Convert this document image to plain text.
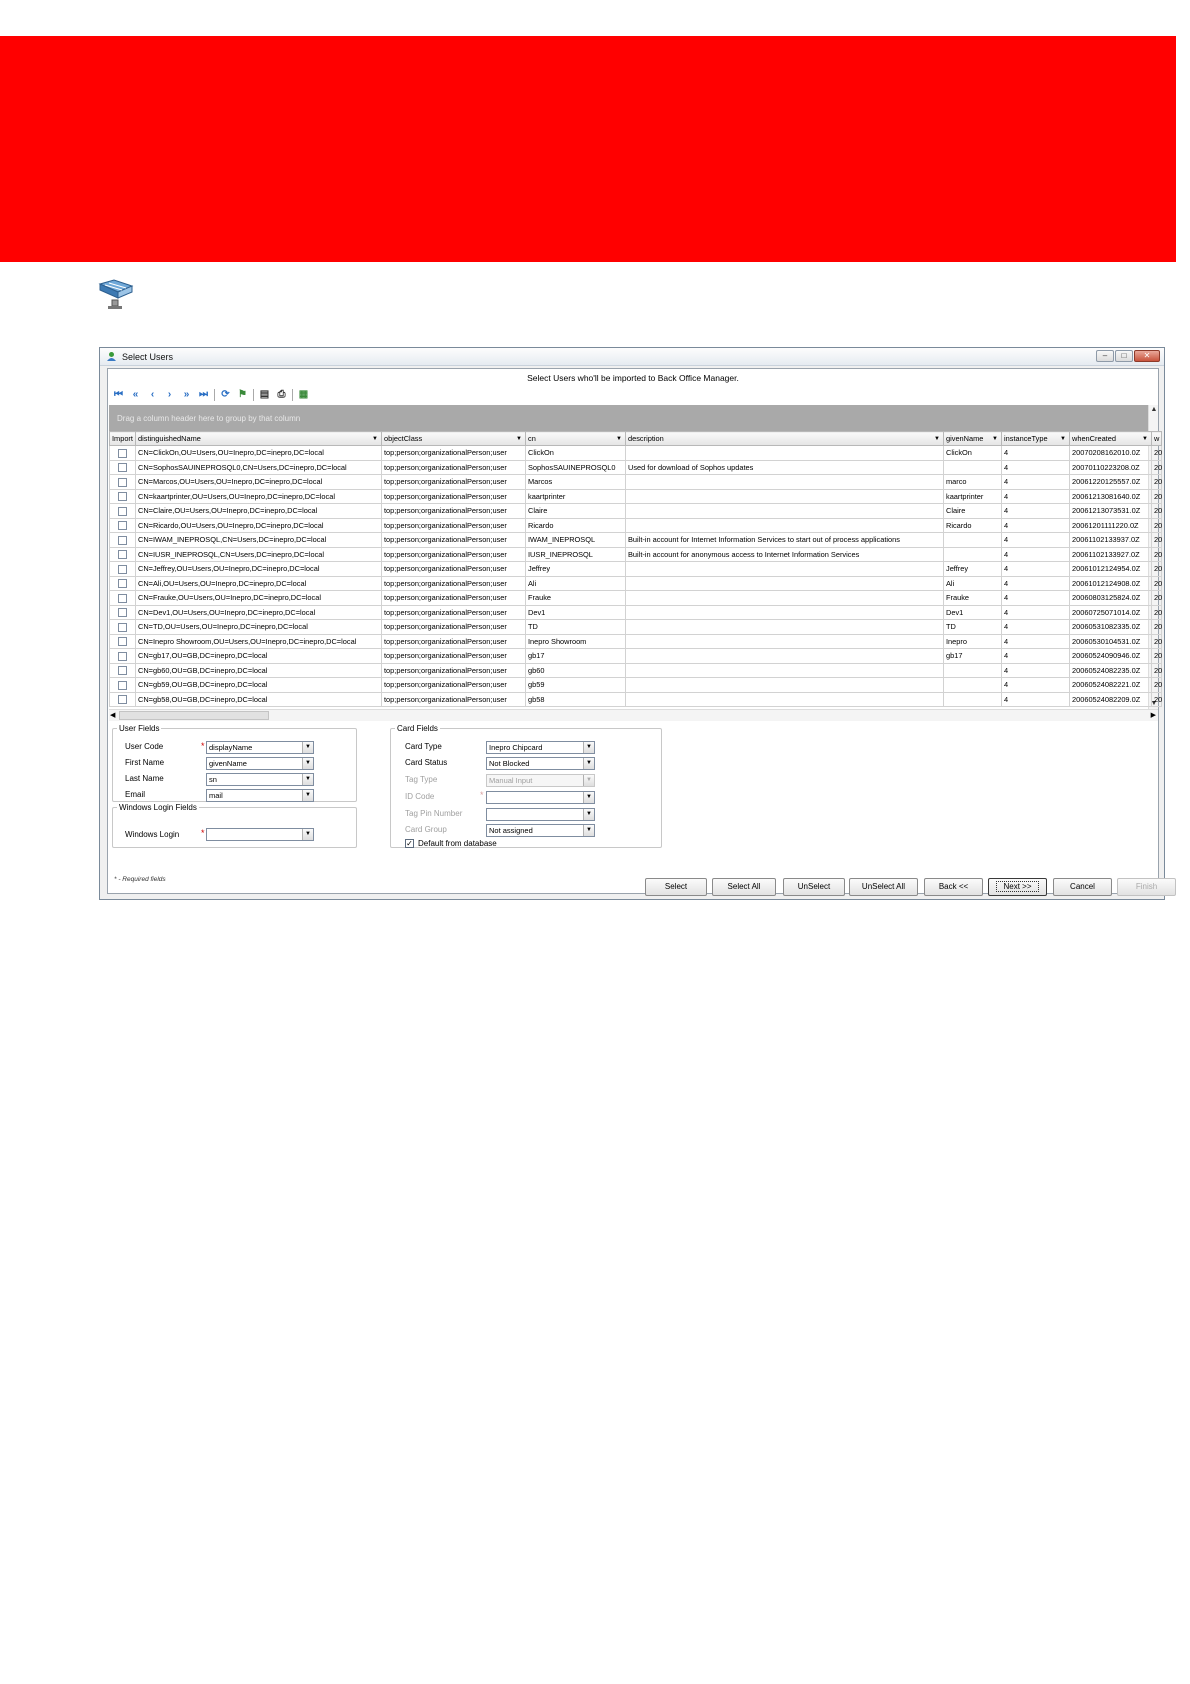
Select Users	–	□	✕
Select Users who'll be imported to Back Office Manager.
⏮ «	‹	›	» ⏭ ⟳ ⚑ ▤ ⎙ ▦
Drag a column header here to group by that column
▲
▼
Import	distinguishedName ▼	objectClass ▼	cn ▼	description ▼	givenName ▼	instanceType ▼	whenCreated ▼	w
	CN=ClickOn,OU=Users,OU=Inepro,DC=inepro,DC=local	top;person;organizationalPerson;user	ClickOn		ClickOn	4	20070208162010.0Z	20
	CN=SophosSAUINEPROSQL0,CN=Users,DC=inepro,DC=local	top;person;organizationalPerson;user	SophosSAUINEPROSQL0	Used for download of Sophos updates		4	20070110223208.0Z	20
	CN=Marcos,OU=Users,OU=Inepro,DC=inepro,DC=local	top;person;organizationalPerson;user	Marcos		marco	4	20061220125557.0Z	20
	CN=kaartprinter,OU=Users,OU=Inepro,DC=inepro,DC=local	top;person;organizationalPerson;user	kaartprinter		kaartprinter	4	20061213081640.0Z	20
	CN=Claire,OU=Users,OU=Inepro,DC=inepro,DC=local	top;person;organizationalPerson;user	Claire		Claire	4	20061213073531.0Z	20
	CN=Ricardo,OU=Users,OU=Inepro,DC=inepro,DC=local	top;person;organizationalPerson;user	Ricardo		Ricardo	4	20061201111220.0Z	20
	CN=IWAM_INEPROSQL,CN=Users,DC=inepro,DC=local	top;person;organizationalPerson;user	IWAM_INEPROSQL	Built-in account for Internet Information Services to start out of process applications		4	20061102133937.0Z	20
	CN=IUSR_INEPROSQL,CN=Users,DC=inepro,DC=local	top;person;organizationalPerson;user	IUSR_INEPROSQL	Built-in account for anonymous access to Internet Information Services		4	20061102133927.0Z	20
	CN=Jeffrey,OU=Users,OU=Inepro,DC=inepro,DC=local	top;person;organizationalPerson;user	Jeffrey		Jeffrey	4	20061012124954.0Z	20
	CN=Ali,OU=Users,OU=Inepro,DC=inepro,DC=local	top;person;organizationalPerson;user	Ali		Ali	4	20061012124908.0Z	20
	CN=Frauke,OU=Users,OU=Inepro,DC=inepro,DC=local	top;person;organizationalPerson;user	Frauke		Frauke	4	20060803125824.0Z	20
	CN=Dev1,OU=Users,OU=Inepro,DC=inepro,DC=local	top;person;organizationalPerson;user	Dev1		Dev1	4	20060725071014.0Z	20
	CN=TD,OU=Users,OU=Inepro,DC=inepro,DC=local	top;person;organizationalPerson;user	TD		TD	4	20060531082335.0Z	20
	CN=Inepro Showroom,OU=Users,OU=Inepro,DC=inepro,DC=local	top;person;organizationalPerson;user	Inepro Showroom		Inepro	4	20060530104531.0Z	20
	CN=gb17,OU=GB,DC=inepro,DC=local	top;person;organizationalPerson;user	gb17		gb17	4	20060524090946.0Z	20
	CN=gb60,OU=GB,DC=inepro,DC=local	top;person;organizationalPerson;user	gb60			4	20060524082235.0Z	20
	CN=gb59,OU=GB,DC=inepro,DC=local	top;person;organizationalPerson;user	gb59			4	20060524082221.0Z	20
	CN=gb58,OU=GB,DC=inepro,DC=local	top;person;organizationalPerson;user	gb58			4	20060524082209.0Z	20
◀	▶
User Fields
User Code	* displayName	▼
First Name	givenName	▼
Last Name	sn	▼
Email	mail	▼
Windows Login Fields
Windows Login *	▼
Card Fields
Card Type	Inepro Chipcard	▼
Card Status	Not Blocked	▼
Tag Type	Manual Input	▼
ID Code	*	▼
Tag Pin Number	▼
Card Group	Not assigned	▼
✓ Default from database
* - Required fields
Select	Select All	UnSelect	UnSelect All	Back <<	Next >>	Cancel	Finish
